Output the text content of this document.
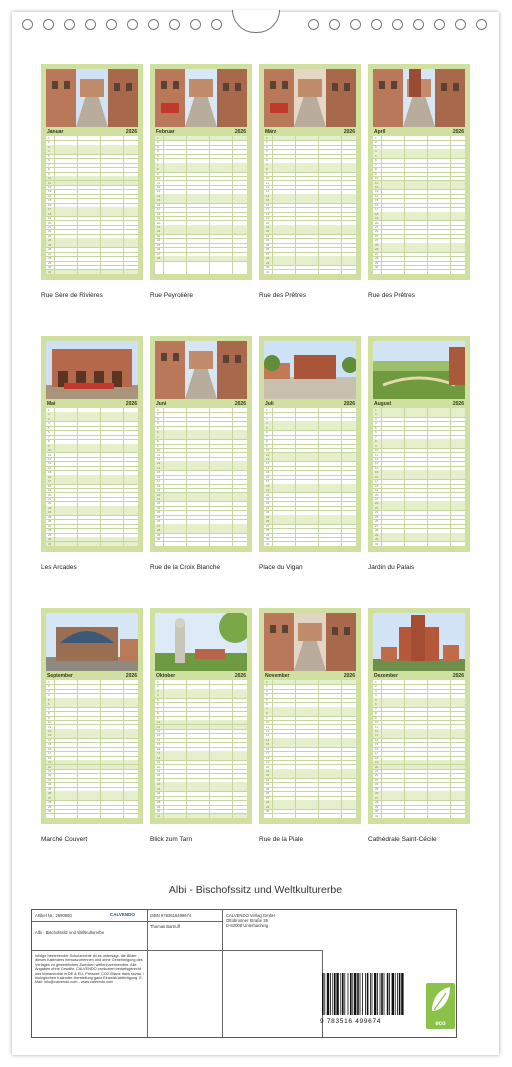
Januar	2026
1
2
3
4
5
6
7
8
9
10
11
12
13
14
15
16
17
18
19
20
21
22
23
24
25
26
27
28
29
30
31
Rue Sère de Rivières
Februar	2026
1
2
3
4
5
6
7
8
9
10
11
12
13
14
15
16
17
18
19
20
21
22
23
24
25
26
27
28
Rue Peyrolière
März	2026
1
2
3
4
5
6
7
8
9
10
11
12
13
14
15
16
17
18
19
20
21
22
23
24
25
26
27
28
29
30
31
Rue des Prêtres
April	2026
1
2
3
4
5
6
7
8
9
10
11
12
13
14
15
16
17
18
19
20
21
22
23
24
25
26
27
28
29
30
Rue des Prêtres
Mai	2026
1
2
3
4
5
6
7
8
9
10
11
12
13
14
15
16
17
18
19
20
21
22
23
24
25
26
27
28
29
30
31
Les Arcades
Juni	2026
1
2
3
4
5
6
7
8
9
10
11
12
13
14
15
16
17
18
19
20
21
22
23
24
25
26
27
28
29
30
Rue de la Croix Blanche
Juli	2026
1
2
3
4
5
6
7
8
9
10
11
12
13
14
15
16
17
18
19
20
21
22
23
24
25
26
27
28
29
30
31
Place du Vigan
August	2026
1
2
3
4
5
6
7
8
9
10
11
12
13
14
15
16
17
18
19
20
21
22
23
24
25
26
27
28
29
30
31
Jardin du Palais
September	2026
1
2
3
4
5
6
7
8
9
10
11
12
13
14
15
16
17
18
19
20
21
22
23
24
25
26
27
28
29
30
Marché Couvert
Oktober	2026
1
2
3
4
5
6
7
8
9
10
11
12
13
14
15
16
17
18
19
20
21
22
23
24
25
26
27
28
29
30
31
Blick zum Tarn
November	2026
1
2
3
4
5
6
7
8
9
10
11
12
13
14
15
16
17
18
19
20
21
22
23
24
25
26
27
28
29
30
Rue de la Piale
Dezember	2026
1
2
3
4
5
6
7
8
9
10
11
12
13
14
15
16
17
18
19
20
21
22
23
24
25
26
27
28
29
30
31
Cathédrale Saint-Cécile
Albi - Bischofssitz und Weltkulturerbe
Artikel Nr.: 2590650	CALVENDO
Albi - Bischofssitz und Weltkulturerbe
Infolge bestehender Schutzrechte ist es untersagt, die Bilder dieses Kalenders herauszutrennen und ohne Genehmigung des Verlages zu gewerblichen Zwecken weiterzuverwenden. Alle Angaben ohne Gewähr. CALVENDO produziert bedarfsgerecht und klimaneutral in DE & EU. Preisnet: CO2-Bilanz dank sozial- / biologischen Kalender-Herstellung ganz Einzelstückfertigung. E-Mail: info@calvendo.com - www.calvendo.com
ISBN 9783516499674
Thomas Bartruff
CALVENDO Verlag GmbH
Ottobrunner Straße 39
D-82008 Unterhaching
9 783516 499674	eco
